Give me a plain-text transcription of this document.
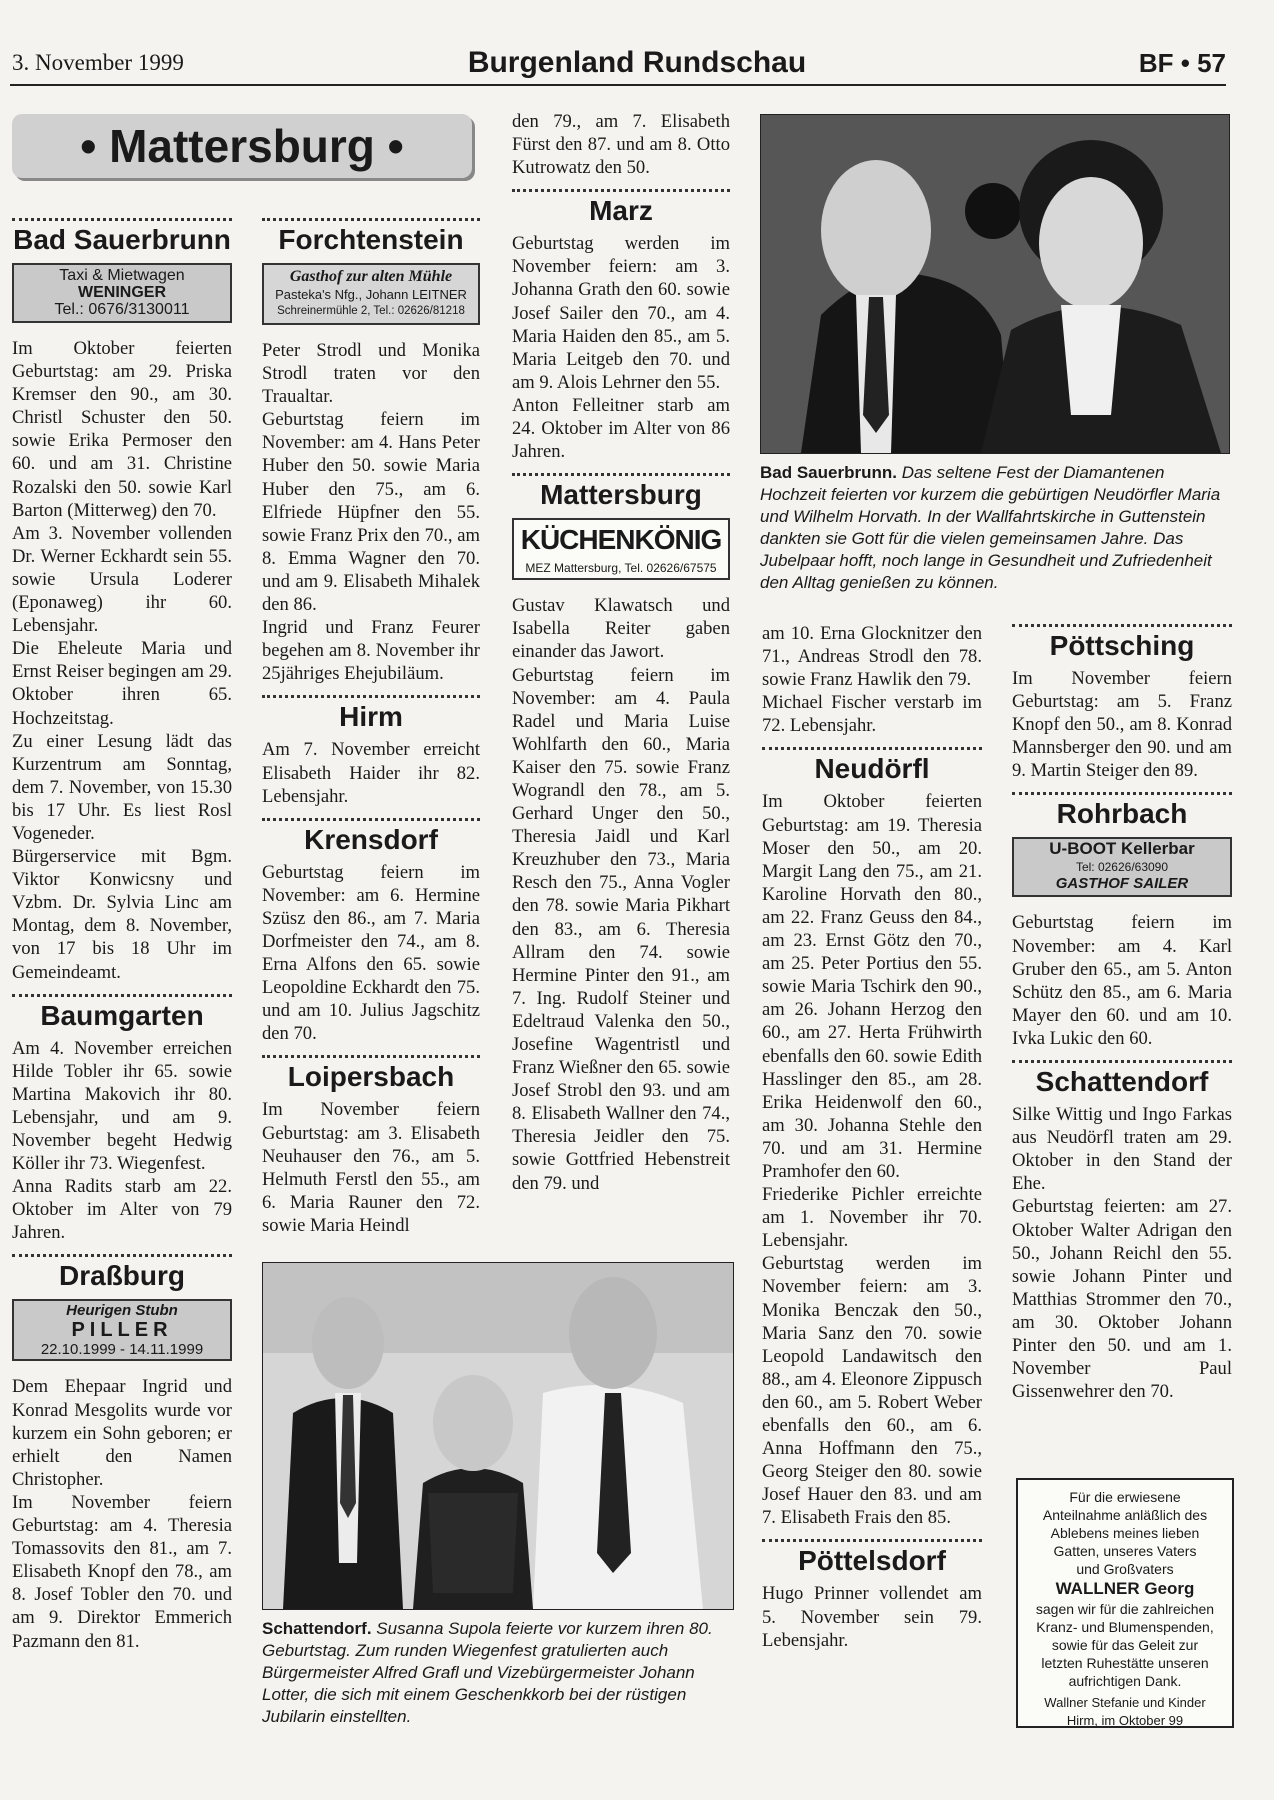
3. November 1999	Burgenland Rundschau	BF • 57
• Mattersburg •
Bad Sauerbrunn
Taxi & Mietwagen
WENINGER
Tel.: 0676/3130011

Im Oktober feierten Geburtstag: am 29. Priska Kremser den 90., am 30. Christl Schuster den 50. sowie Erika Permoser den 60. und am 31. Christine Rozalski den 50. sowie Karl Barton (Mitterweg) den 70.

Am 3. November vollenden Dr. Werner Eckhardt sein 55. sowie Ursula Loderer (Eponaweg) ihr 60. Lebensjahr.

Die Eheleute Maria und Ernst Reiser begingen am 29. Oktober ihren 65. Hochzeitstag.

Zu einer Lesung lädt das Kurzentrum am Sonntag, dem 7. November, von 15.30 bis 17 Uhr. Es liest Rosl Vogeneder.

Bürgerservice mit Bgm. Viktor Konwicsny und Vzbm. Dr. Sylvia Linc am Montag, dem 8. November, von 17 bis 18 Uhr im Gemeindeamt.

Baumgarten

Am 4. November erreichen Hilde Tobler ihr 65. sowie Martina Makovich ihr 80. Lebensjahr, und am 9. November begeht Hedwig Köller ihr 73. Wiegenfest.

Anna Radits starb am 22. Oktober im Alter von 79 Jahren.

Draßburg
Heurigen Stubn
PILLER
22.10.1999 - 14.11.1999

Dem Ehepaar Ingrid und Konrad Mesgolits wurde vor kurzem ein Sohn geboren; er erhielt den Namen Christopher.

Im November feiern Geburtstag: am 4. Theresia Tomassovits den 81., am 7. Elisabeth Knopf den 78., am 8. Josef Tobler den 70. und am 9. Direktor Emmerich Pazmann den 81.

Forchtenstein
Gasthof zur alten Mühle
Pasteka's Nfg., Johann LEITNER
Schreinermühle 2, Tel.: 02626/81218

Peter Strodl und Monika Strodl traten vor den Traualtar.

Geburtstag feiern im November: am 4. Hans Peter Huber den 50. sowie Maria Huber den 75., am 6. Elfriede Hüpfner den 55. sowie Franz Prix den 70., am 8. Emma Wagner den 70. und am 9. Elisabeth Mihalek den 86.

Ingrid und Franz Feurer begehen am 8. November ihr 25jähriges Ehejubiläum.

Hirm

Am 7. November erreicht Elisabeth Haider ihr 82. Lebensjahr.

Krensdorf

Geburtstag feiern im November: am 6. Hermine Szüsz den 86., am 7. Maria Dorfmeister den 74., am 8. Erna Alfons den 65. sowie Leopoldine Eckhardt den 75. und am 10. Julius Jagschitz den 70.

Loipersbach

Im November feiern Geburtstag: am 3. Elisabeth Neuhauser den 76., am 5. Helmuth Ferstl den 55., am 6. Maria Rauner den 72. sowie Maria Heindl

den 79., am 7. Elisabeth Fürst den 87. und am 8. Otto Kutrowatz den 50.

Marz

Geburtstag werden im November feiern: am 3. Johanna Grath den 60. sowie Josef Sailer den 70., am 4. Maria Haiden den 85., am 5. Maria Leitgeb den 70. und am 9. Alois Lehrner den 55.

Anton Felleitner starb am 24. Oktober im Alter von 86 Jahren.

Mattersburg
KÜCHENKÖNIG
MEZ Mattersburg, Tel. 02626/67575

Gustav Klawatsch und Isabella Reiter gaben einander das Jawort.

Geburtstag feiern im November: am 4. Paula Radel und Maria Luise Wohlfarth den 60., Maria Kaiser den 75. sowie Franz Wograndl den 78., am 5. Gerhard Unger den 50., Theresia Jaidl und Karl Kreuzhuber den 73., Maria Resch den 75., Anna Vogler den 78. sowie Maria Pikhart den 83., am 6. Theresia Allram den 74. sowie Hermine Pinter den 91., am 7. Ing. Rudolf Steiner und Edeltraud Valenka den 50., Josefine Wagentristl und Franz Wießner den 65. sowie Josef Strobl den 93. und am 8. Elisabeth Wallner den 74., Theresia Jeidler den 75. sowie Gottfried Hebenstreit den 79. und

Bad Sauerbrunn. Das seltene Fest der Diamantenen Hochzeit feierten vor kurzem die gebürtigen Neudörfler Maria und Wilhelm Horvath. In der Wallfahrtskirche in Guttenstein dankten sie Gott für die vielen gemeinsamen Jahre. Das Jubelpaar hofft, noch lange in Gesundheit und Zufriedenheit den Alltag genießen zu können.
Schattendorf. Susanna Supola feierte vor kurzem ihren 80. Geburtstag. Zum runden Wiegenfest gratulierten auch Bürgermeister Alfred Grafl und Vizebürgermeister Johann Lotter, die sich mit einem Geschenkkorb bei der rüstigen Jubilarin einstellten.

am 10. Erna Glocknitzer den 71., Andreas Strodl den 78. sowie Franz Hawlik den 79.

Michael Fischer verstarb im 72. Lebensjahr.

Neudörfl

Im Oktober feierten Geburtstag: am 19. Theresia Moser den 50., am 20. Margit Lang den 75., am 21. Karoline Horvath den 80., am 22. Franz Geuss den 84., am 23. Ernst Götz den 70., am 25. Peter Portius den 55. sowie Maria Tschirk den 90., am 26. Johann Herzog den 60., am 27. Herta Frühwirth ebenfalls den 60. sowie Edith Hasslinger den 85., am 28. Erika Heidenwolf den 60., am 30. Johanna Stehle den 70. und am 31. Hermine Pramhofer den 60.

Friederike Pichler erreichte am 1. November ihr 70. Lebensjahr.

Geburtstag werden im November feiern: am 3. Monika Benczak den 50., Maria Sanz den 70. sowie Leopold Landawitsch den 88., am 4. Eleonore Zippusch den 60., am 5. Robert Weber ebenfalls den 60., am 6. Anna Hoffmann den 75., Georg Steiger den 80. sowie Josef Hauer den 83. und am 7. Elisabeth Frais den 85.

Pöttelsdorf

Hugo Prinner vollendet am 5. November sein 79. Lebensjahr.

Pöttsching

Im November feiern Geburtstag: am 5. Franz Knopf den 50., am 8. Konrad Mannsberger den 90. und am 9. Martin Steiger den 89.

Rohrbach
U-BOOT Kellerbar
Tel: 02626/63090
GASTHOF SAILER

Geburtstag feiern im November: am 4. Karl Gruber den 65., am 5. Anton Schütz den 85., am 6. Maria Mayer den 60. und am 10. Ivka Lukic den 60.

Schattendorf

Silke Wittig und Ingo Farkas aus Neudörfl traten am 29. Oktober in den Stand der Ehe.

Geburtstag feierten: am 27. Oktober Walter Adrigan den 50., Johann Reichl den 55. sowie Johann Pinter und Matthias Strommer den 70., am 30. Oktober Johann Pinter den 50. und am 1. November Paul Gissenwehrer den 70.

Für die erwiesene
Anteilnahme anläßlich des
Ablebens meines lieben
Gatten, unseres Vaters
und Großvaters
WALLNER Georg
sagen wir für die zahlreichen
Kranz- und Blumenspenden,
sowie für das Geleit zur
letzten Ruhestätte unseren
aufrichtigen Dank.
Wallner Stefanie und Kinder
Hirm, im Oktober 99
